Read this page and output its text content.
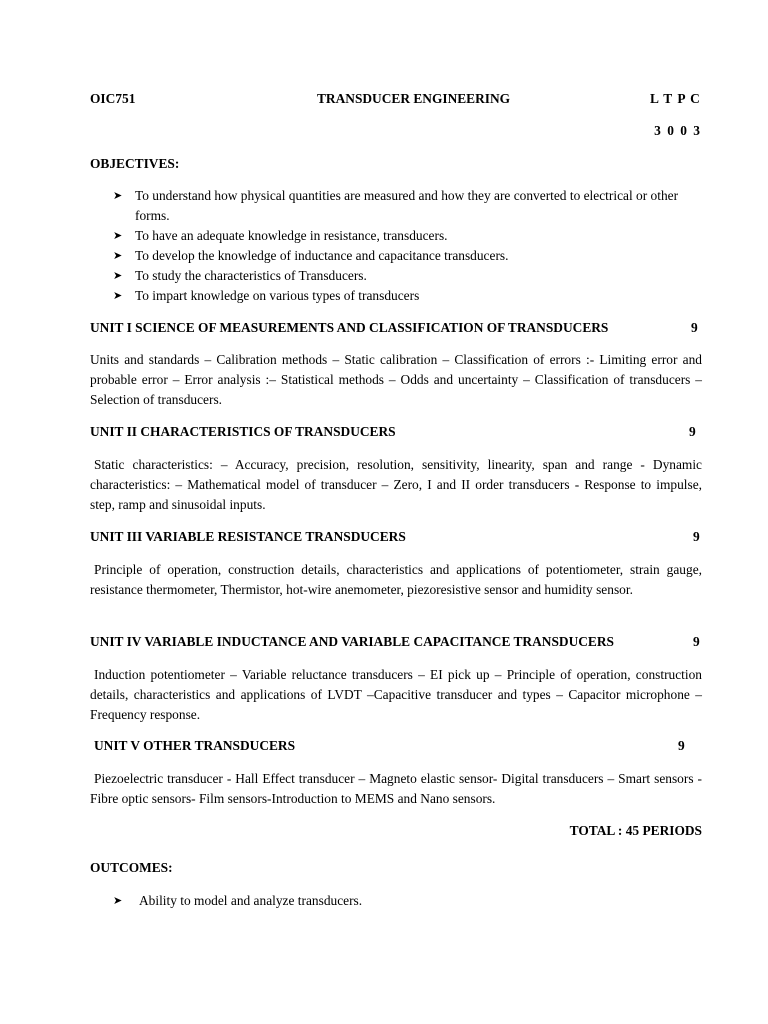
OIC751	TRANSDUCER ENGINEERING	L T P C
3 0 0 3
OBJECTIVES:
➤ To understand how physical quantities are measured and how they are converted to electrical or other forms.
➤ To have an adequate knowledge in resistance, transducers.
➤ To develop the knowledge of inductance and capacitance transducers.
➤ To study the characteristics of Transducers.
➤ To impart knowledge on various types of transducers
UNIT I SCIENCE OF MEASUREMENTS AND CLASSIFICATION OF TRANSDUCERS	9

Units and standards – Calibration methods – Static calibration – Classification of errors :- Limiting error and probable error – Error analysis :– Statistical methods – Odds and uncertainty – Classification of transducers – Selection of transducers.

UNIT II CHARACTERISTICS OF TRANSDUCERS	9

Static characteristics: – Accuracy, precision, resolution, sensitivity, linearity, span and range - Dynamic characteristics: – Mathematical model of transducer – Zero, I and II order transducers - Response to impulse, step, ramp and sinusoidal inputs.

UNIT III VARIABLE RESISTANCE TRANSDUCERS	9

Principle of operation, construction details, characteristics and applications of potentiometer, strain gauge, resistance thermometer, Thermistor, hot-wire anemometer, piezoresistive sensor and humidity sensor.

UNIT IV VARIABLE INDUCTANCE AND VARIABLE CAPACITANCE TRANSDUCERS	9

Induction potentiometer – Variable reluctance transducers – EI pick up – Principle of operation, construction details, characteristics and applications of LVDT –Capacitive transducer and types – Capacitor microphone – Frequency response.

UNIT V OTHER TRANSDUCERS	9

Piezoelectric transducer - Hall Effect transducer – Magneto elastic sensor- Digital transducers – Smart sensors - Fibre optic sensors- Film sensors-Introduction to MEMS and Nano sensors.

TOTAL : 45 PERIODS
OUTCOMES:
➤ Ability to model and analyze transducers.
